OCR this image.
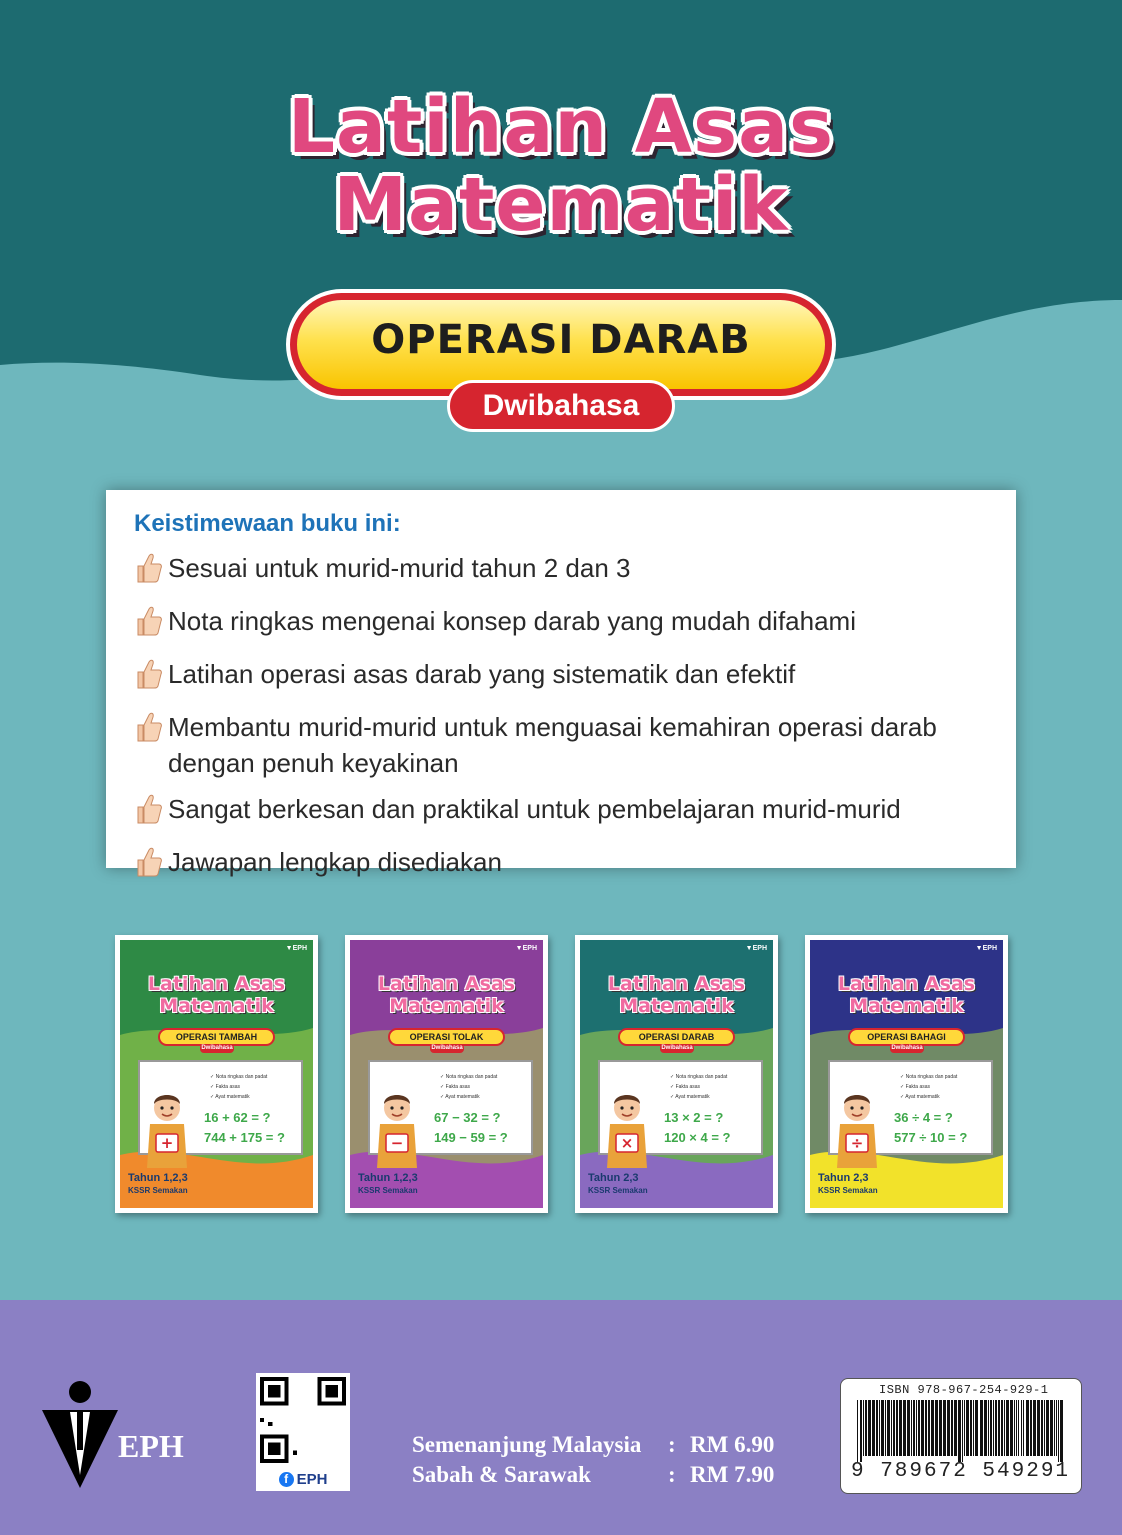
Latihan Asas
Matematik
OPERASI DARAB
Dwibahasa
Keistimewaan buku ini:
Sesuai untuk murid-murid tahun 2 dan 3
Nota ringkas mengenai konsep darab yang mudah difahami
Latihan operasi asas darab yang sistematik dan efektif
Membantu murid-murid untuk menguasai kemahiran operasi darab dengan penuh keyakinan
Sangat berkesan dan praktikal untuk pembelajaran murid-murid
Jawapan lengkap disediakan
▼EPH
Latihan Asas
Matematik
OPERASI TAMBAH
Dwibahasa
+
✓ Nota ringkas dan padat
✓ Fakta asas
✓ Ayat matematik
16 + 62 = ?
744 + 175 = ?
Tahun 1,2,3
KSSR Semakan
▼EPH
Latihan Asas
Matematik
OPERASI TOLAK
Dwibahasa
−
✓ Nota ringkas dan padat
✓ Fakta asas
✓ Ayat matematik
67 − 32 = ?
149 − 59 = ?
Tahun 1,2,3
KSSR Semakan
▼EPH
Latihan Asas
Matematik
OPERASI DARAB
Dwibahasa
×
✓ Nota ringkas dan padat
✓ Fakta asas
✓ Ayat matematik
13 × 2 = ?
120 × 4 = ?
Tahun 2,3
KSSR Semakan
▼EPH
Latihan Asas
Matematik
OPERASI BAHAGI
Dwibahasa
÷
✓ Nota ringkas dan padat
✓ Fakta asas
✓ Ayat matematik
36 ÷ 4 = ?
577 ÷ 10 = ?
Tahun 2,3
KSSR Semakan
EPH
f EPH
Semenanjung Malaysia	: RM 6.90
Sabah & Sarawak	: RM 7.90
ISBN 978-967-254-929-1
9 789672 549291
